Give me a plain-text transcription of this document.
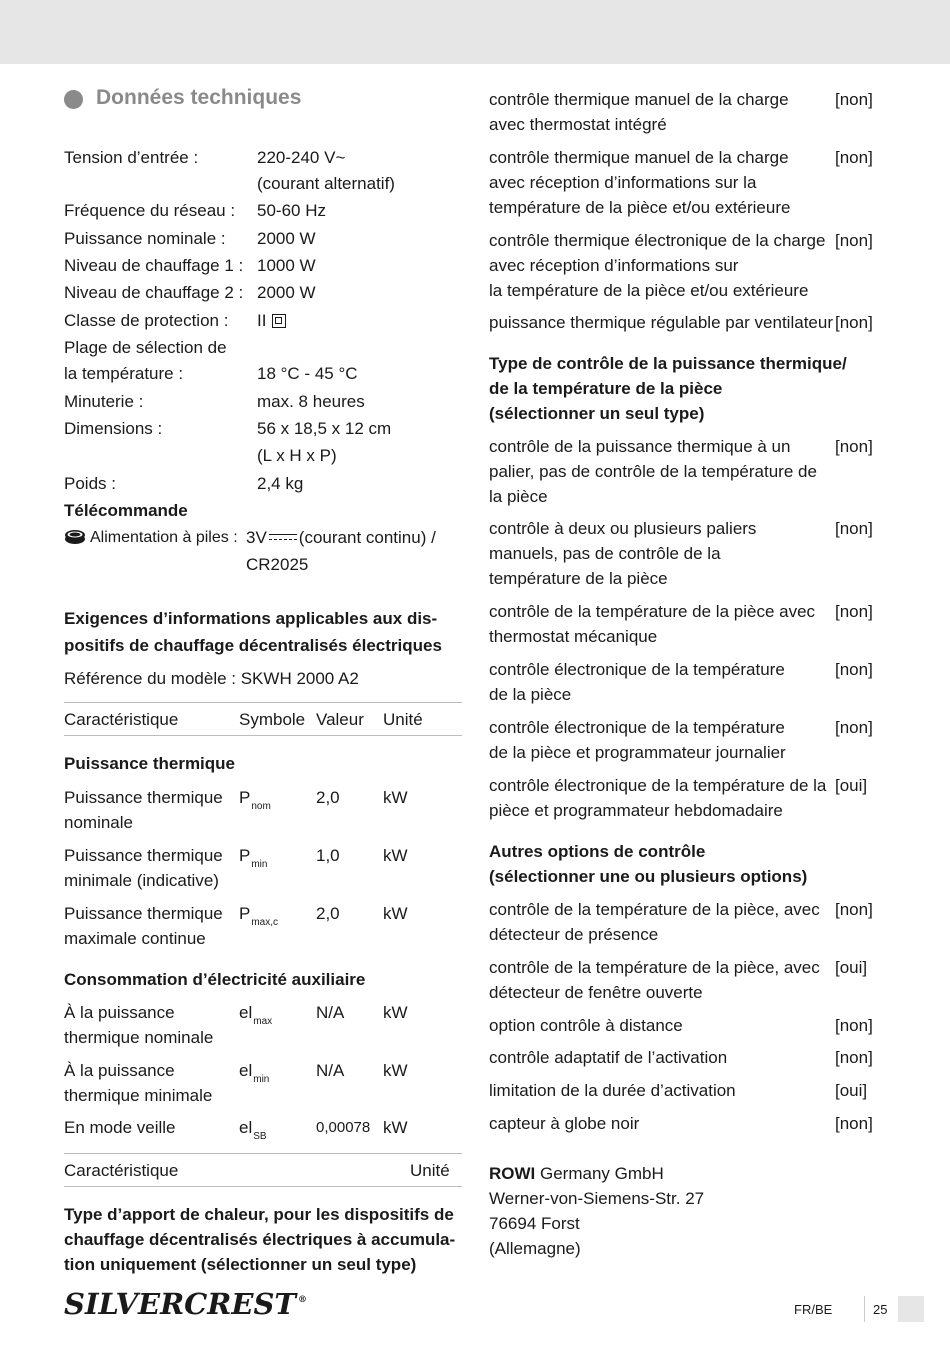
Données techniques
Tension d’entrée :	220-240 V~
(courant alternatif)
Fréquence du réseau : 50-60 Hz
Puissance nominale : 2000 W
Niveau de chauffage 1 : 1000 W
Niveau de chauffage 2 : 2000 W
Classe de protection : II
Plage de sélection de
la température :	18 °C - 45 °C
Minuterie :	max. 8 heures
Dimensions :	56 x 18,5 x 12 cm
(L x H x P)
Poids :	2,4 kg
Télécommande
Alimentation à piles : 3V (courant continu) /
CR2025
Exigences d’informations applicables aux dis-
positifs de chauffage décentralisés électriques
Référence du modèle : SKWH 2000 A2
Caractéristique	Symbole Valeur Unité
Puissance thermique
Puissance thermique
nominale
$P_{nom}$	2,0	kW
Puissance thermique
minimale (indicative)
$P_{min}$	1,0	kW
Puissance thermique
maximale continue
$P_{max,c}$ 2,0	kW
Consommation d’électricité auxiliaire
À la puissance
thermique nominale
$el_{max}$	N/A kW
À la puissance
thermique minimale
$el_{min}$	N/A kW
En mode veille	$el_{SB}$
0,00078 kW
Caractéristique	Unité
Type d’apport de chaleur, pour les dispositifs de
chauffage décentralisés électriques à accumula-
tion uniquement (sélectionner un seul type)
contrôle thermique manuel de la charge
avec thermostat intégré
[non]
contrôle thermique manuel de la charge
avec réception d’informations sur la
température de la pièce et/ou extérieure
[non]
contrôle thermique électronique de la charge
avec réception d’informations sur
la température de la pièce et/ou extérieure
[non]
puissance thermique régulable par ventilateur [non]
Type de contrôle de la puissance thermique/
de la température de la pièce
(sélectionner un seul type)
contrôle de la puissance thermique à un
palier, pas de contrôle de la température de
la pièce
[non]
contrôle à deux ou plusieurs paliers
manuels, pas de contrôle de la
température de la pièce
[non]
contrôle de la température de la pièce avec
thermostat mécanique
[non]
contrôle électronique de la température
de la pièce
[non]
contrôle électronique de la température
de la pièce et programmateur journalier
[non]
contrôle électronique de la température de la
pièce et programmateur hebdomadaire
[oui]
Autres options de contrôle
(sélectionner une ou plusieurs options)
contrôle de la température de la pièce, avec
détecteur de présence
[non]
contrôle de la température de la pièce, avec
détecteur de fenêtre ouverte
[oui]
option contrôle à distance	[non]
contrôle adaptatif de l’activation	[non]
limitation de la durée d’activation	[oui]
capteur à globe noir	[non]
ROWI Germany GmbH
Werner-von-Siemens-Str. 27
76694 Forst
(Allemagne)
SILVERCREST ®
FR/BE	25
